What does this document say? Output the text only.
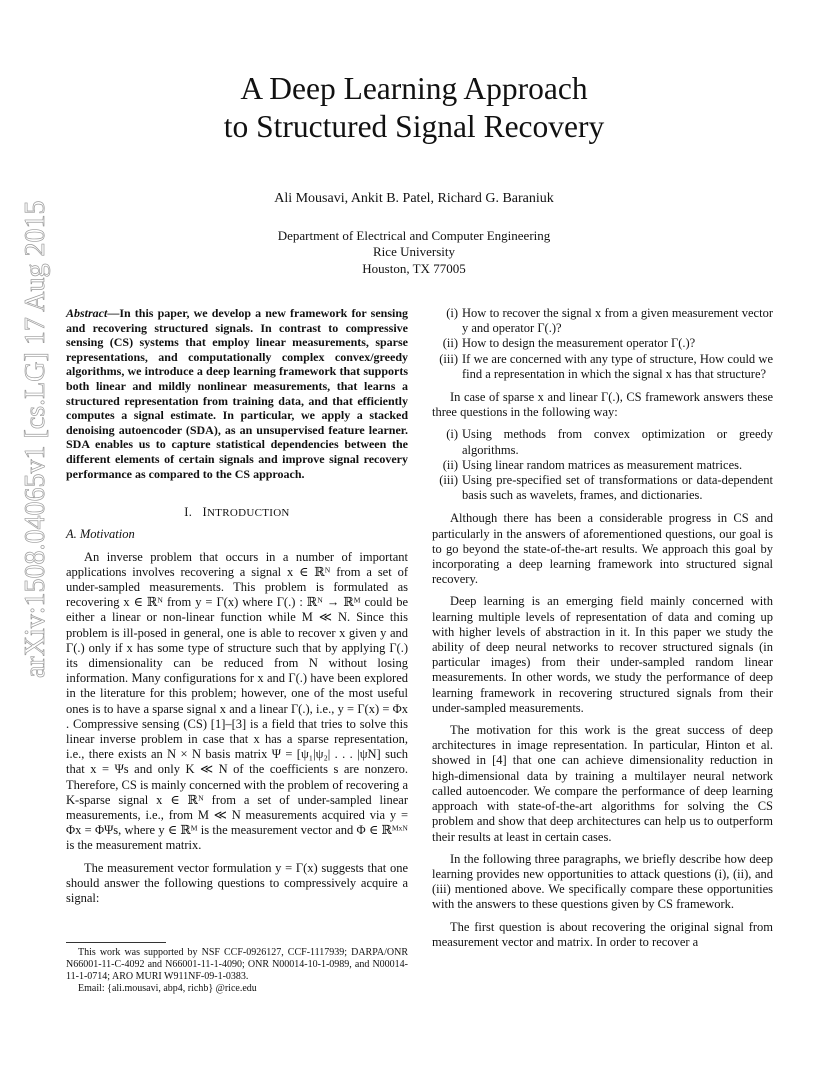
A Deep Learning Approach
to Structured Signal Recovery
Ali Mousavi, Ankit B. Patel, Richard G. Baraniuk
Department of Electrical and Computer Engineering
Rice University
Houston, TX 77005
arXiv:1508.04065v1 [cs.LG] 17 Aug 2015	Abstract—In this paper, we develop a new framework for sensing and recovering structured signals. In contrast to compressive sensing (CS) systems that employ linear measurements, sparse representations, and computationally complex convex/greedy algorithms, we introduce a deep learning framework that supports both linear and mildly nonlinear measurements, that learns a structured representation from training data, and that efficiently computes a signal estimate. In particular, we apply a stacked denoising autoencoder (SDA), as an unsupervised feature learner. SDA enables us to capture statistical dependencies between the different elements of certain signals and improve signal recovery performance as compared to the CS approach.
I. INTRODUCTION
A. Motivation

An inverse problem that occurs in a number of important applications involves recovering a signal x ∈ ℝᴺ from a set of under-sampled measurements. This problem is formulated as recovering x ∈ ℝᴺ from y = Γ(x) where Γ(.) : ℝᴺ → ℝᴹ could be either a linear or non-linear function while M ≪ N. Since this problem is ill-posed in general, one is able to recover x given y and Γ(.) only if x has some type of structure such that by applying Γ(.) its dimensionality can be reduced from N without losing information. Many configurations for x and Γ(.) have been explored in the literature for this problem; however, one of the most useful ones is to have a sparse signal x and a linear Γ(.), i.e., y = Γ(x) = Φx . Compressive sensing (CS) [1]–[3] is a field that tries to solve this linear inverse problem in case that x has a sparse representation, i.e., there exists an N × N basis matrix Ψ = [ψ₁|ψ₂| . . . |ψN] such that x = Ψs and only K ≪ N of the coefficients s are nonzero. Therefore, CS is mainly concerned with the problem of recovering a K-sparse signal x ∈ ℝᴺ from a set of under-sampled linear measurements, i.e., from M ≪ N measurements acquired via y = Φx = ΦΨs, where y ∈ ℝᴹ is the measurement vector and Φ ∈ ℝᴹˣᴺ is the measurement matrix.

The measurement vector formulation y = Γ(x) suggests that one should answer the following questions to compressively acquire a signal:

(i) How to recover the signal x from a given measurement vector y and operator Γ(.)?
(ii) How to design the measurement operator Γ(.)?
(iii) If we are concerned with any type of structure, How could we find a representation in which the signal x has that structure?

In case of sparse x and linear Γ(.), CS framework answers these three questions in the following way:

(i) Using methods from convex optimization or greedy algorithms.
(ii) Using linear random matrices as measurement matrices.
(iii) Using pre-specified set of transformations or data-dependent basis such as wavelets, frames, and dictionaries.

Although there has been a considerable progress in CS and particularly in the answers of aforementioned questions, our goal is to go beyond the state-of-the-art results. We approach this goal by incorporating a deep learning framework into structured signal recovery.

Deep learning is an emerging field mainly concerned with learning multiple levels of representation of data and coming up with higher levels of abstraction in it. In this paper we study the ability of deep neural networks to recover structured signals (in particular images) from their under-sampled random linear measurements. In other words, we study the performance of deep learning framework in recovering structured signals from their under-sampled measurements.

The motivation for this work is the great success of deep architectures in image representation. In particular, Hinton et al. showed in [4] that one can achieve dimensionality reduction in high-dimensional data by training a multilayer neural network called autoencoder. We compare the performance of deep learning approach with state-of-the-art algorithms for solving the CS problem and show that deep architectures can help us to outperform their results at least in certain cases.

In the following three paragraphs, we briefly describe how deep learning provides new opportunities to attack questions (i), (ii), and (iii) mentioned above. We specifically compare these opportunities with the answers to these questions given by CS framework.

The first question is about recovering the original signal from measurement vector and matrix. In order to recover a

This work was supported by NSF CCF-0926127, CCF-1117939; DARPA/ONR N66001-11-C-4092 and N66001-11-1-4090; ONR N00014-10-1-0989, and N00014-11-1-0714; ARO MURI W911NF-09-1-0383.
Email: {ali.mousavi, abp4, richb} @rice.edu
